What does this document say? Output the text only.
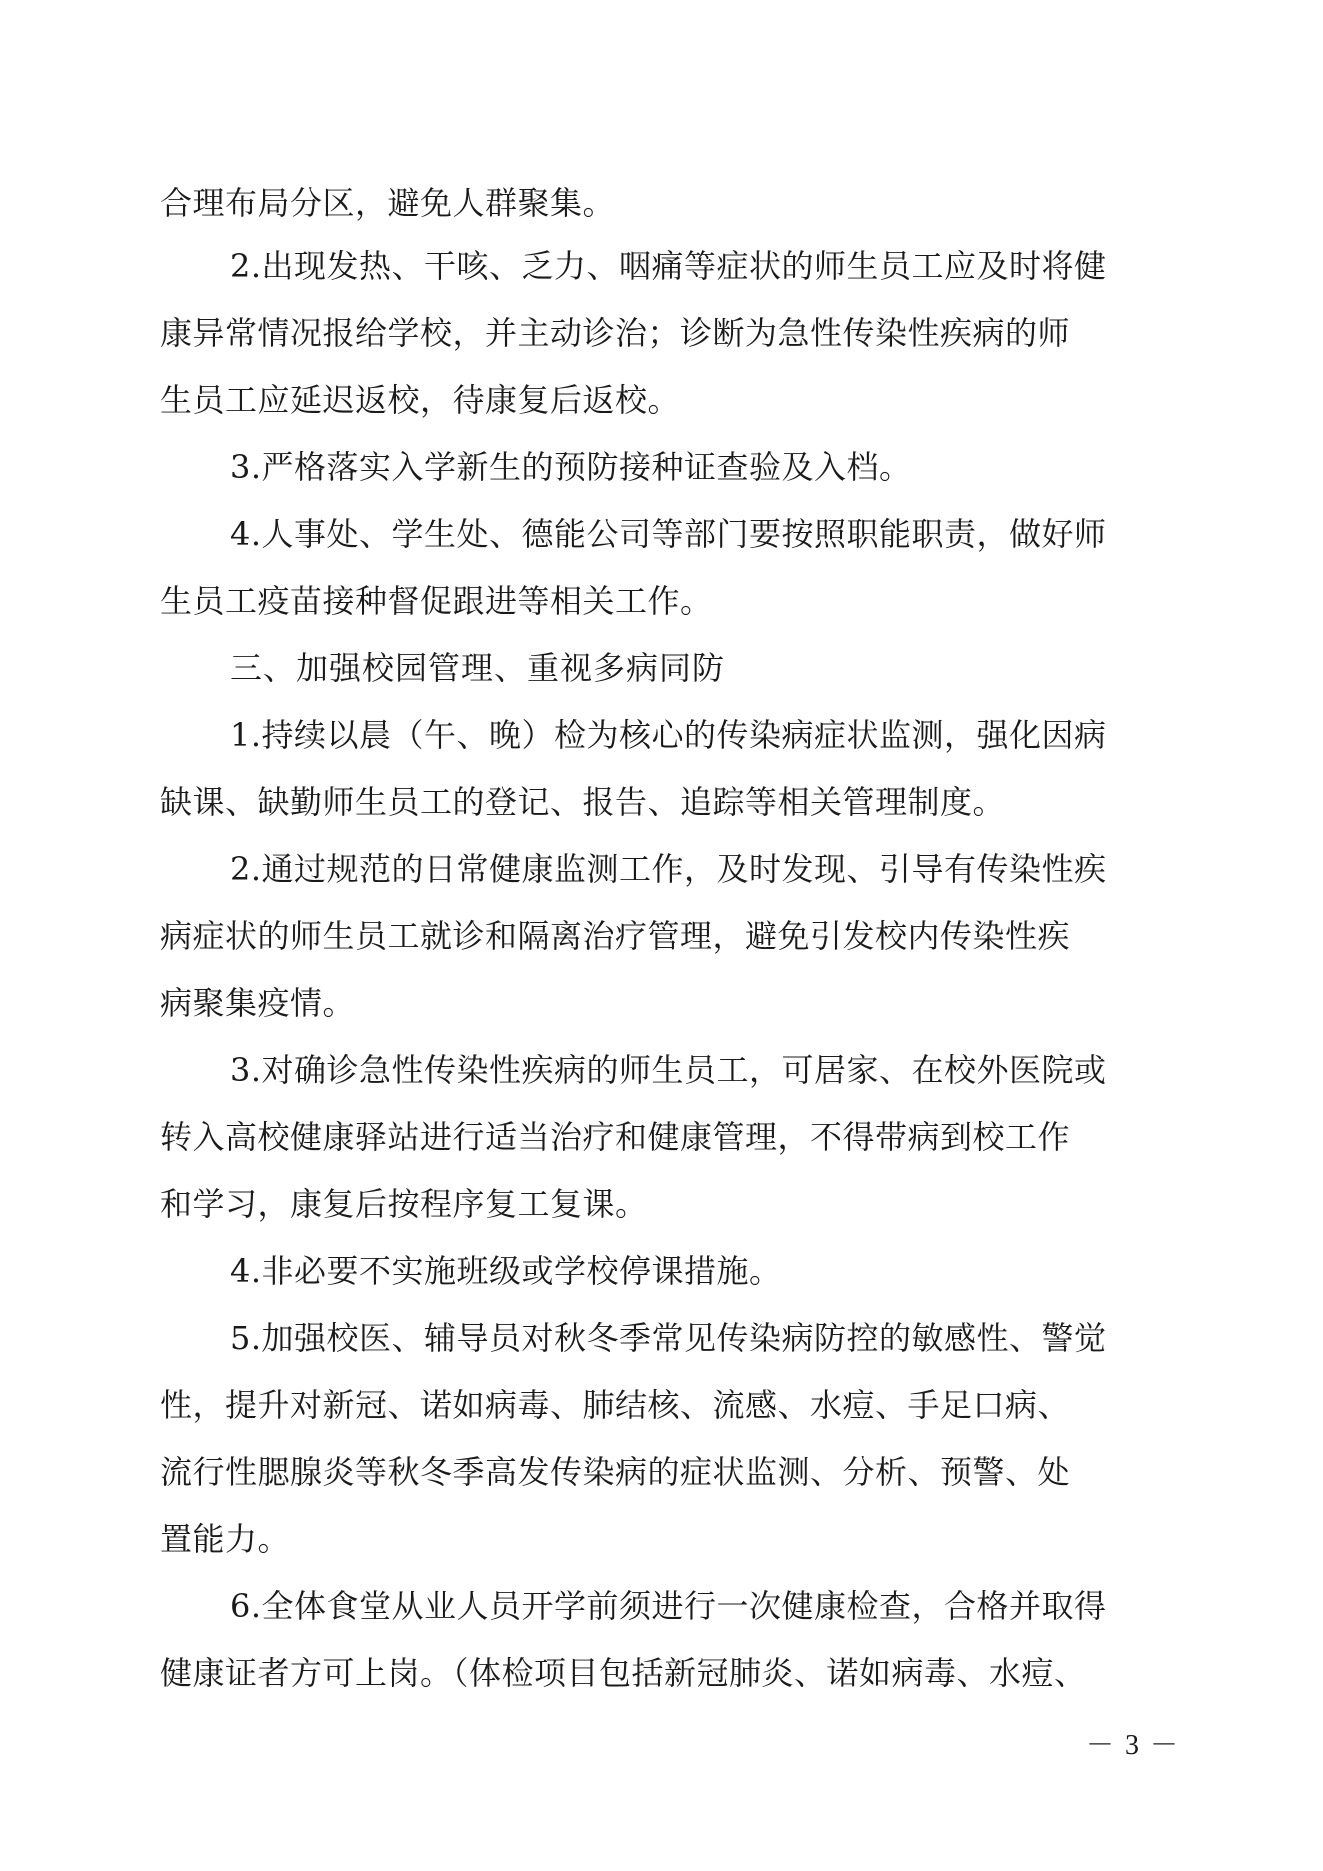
合理布局分区，避免人群聚集。
2.出现发热、干咳、乏力、咽痛等症状的师生员工应及时将健
康异常情况报给学校，并主动诊治；诊断为急性传染性疾病的师
生员工应延迟返校，待康复后返校。
3.严格落实入学新生的预防接种证查验及入档。
4.人事处、学生处、德能公司等部门要按照职能职责，做好师
生员工疫苗接种督促跟进等相关工作。
三、加强校园管理、重视多病同防
1.持续以晨（午、晚）检为核心的传染病症状监测，强化因病
缺课、缺勤师生员工的登记、报告、追踪等相关管理制度。
2.通过规范的日常健康监测工作，及时发现、引导有传染性疾
病症状的师生员工就诊和隔离治疗管理，避免引发校内传染性疾
病聚集疫情。
3.对确诊急性传染性疾病的师生员工，可居家、在校外医院或
转入高校健康驿站进行适当治疗和健康管理，不得带病到校工作
和学习，康复后按程序复工复课。
4.非必要不实施班级或学校停课措施。
5.加强校医、辅导员对秋冬季常见传染病防控的敏感性、警觉
性，提升对新冠、诺如病毒、肺结核、流感、水痘、手足口病、
流行性腮腺炎等秋冬季高发传染病的症状监测、分析、预警、处
置能力。
6.全体食堂从业人员开学前须进行一次健康检查，合格并取得
健康证者方可上岗。（体检项目包括新冠肺炎、诺如病毒、水痘、
－ 3 －
